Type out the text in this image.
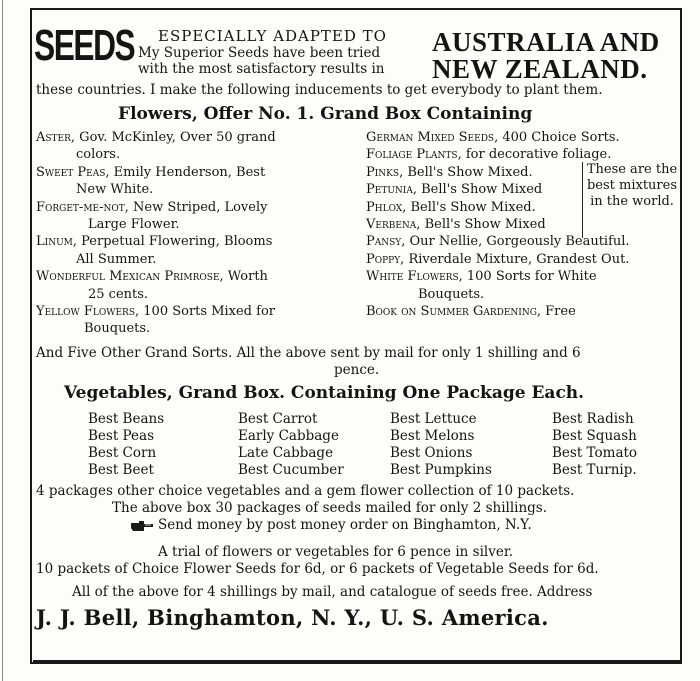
SEEDS ESPECIALLY ADAPTED TO
My Superior Seeds have been tried
with the most satisfactory results in
AUSTRALIA AND
NEW ZEALAND.
these countries. I make the following inducements to get everybody to plant them.
Flowers, Offer No. 1. Grand Box Containing
Aster, Gov. McKinley, Over 50 grand
colors.
Sweet Peas, Emily Henderson, Best
New White.
Forget-me-not, New Striped, Lovely
Large Flower.
Linum, Perpetual Flowering, Blooms
All Summer.
Wonderful Mexican Primrose, Worth
25 cents.
Yellow Flowers, 100 Sorts Mixed for
Bouquets.
German Mixed Seeds, 400 Choice Sorts.
Foliage Plants, for decorative foliage.
Pinks, Bell's Show Mixed.
Petunia, Bell's Show Mixed
Phlox, Bell's Show Mixed.
Verbena, Bell's Show Mixed
Pansy, Our Nellie, Gorgeously Beautiful.
Poppy, Riverdale Mixture, Grandest Out.
White Flowers, 100 Sorts for White
Bouquets.
Book on Summer Gardening, Free
These are the best mixtures in the world.
And Five Other Grand Sorts. All the above sent by mail for only 1 shilling and 6
pence.
Vegetables, Grand Box. Containing One Package Each.
Best Beans
Best Peas
Best Corn
Best Beet
Best Carrot
Early Cabbage
Late Cabbage
Best Cucumber
Best Lettuce
Best Melons
Best Onions
Best Pumpkins
Best Radish
Best Squash
Best Tomato
Best Turnip.
4 packages other choice vegetables and a gem flower collection of 10 packets.
The above box 30 packages of seeds mailed for only 2 shillings.
Send money by post money order on Binghamton, N.Y.
A trial of flowers or vegetables for 6 pence in silver.
10 packets of Choice Flower Seeds for 6d, or 6 packets of Vegetable Seeds for 6d.
All of the above for 4 shillings by mail, and catalogue of seeds free. Address
J. J. Bell, Binghamton, N. Y., U. S. America.
